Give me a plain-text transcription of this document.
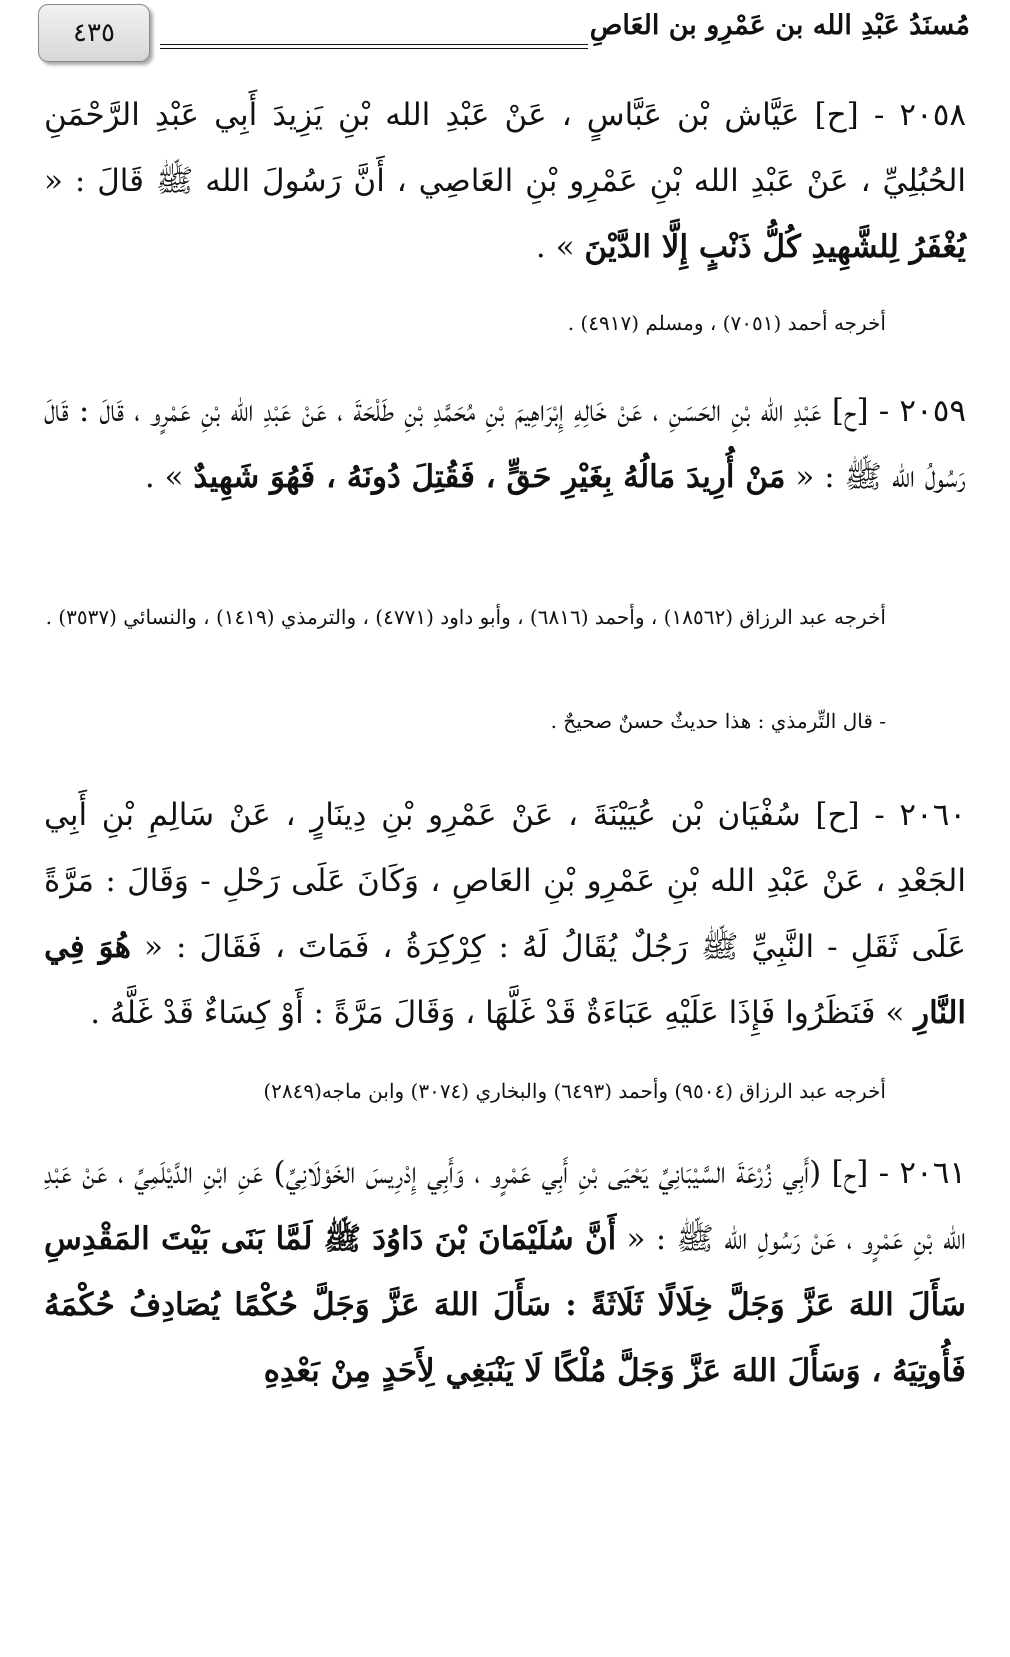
٤٣٥	مُسنَدُ عَبْدِ الله بن عَمْرِو بن العَاصِ
٢٠٥٨ - [ح] عَيَّاش بْن عَبَّاسٍ ، عَنْ عَبْدِ الله بْنِ يَزِيدَ أَبِي عَبْدِ الرَّحْمَنِ الحُبُلِيِّ ، عَنْ عَبْدِ الله بْنِ عَمْرِو بْنِ العَاصِي ، أَنَّ رَسُولَ الله ﷺ قَالَ : « يُغْفَرُ لِلشَّهِيدِ كُلُّ ذَنْبٍ إِلَّا الدَّيْنَ » .
أخرجه أحمد (٧٠٥١) ، ومسلم (٤٩١٧) .
٢٠٥٩ - [ح] عَبْدِ الله بْنِ الحَسَنِ ، عَنْ خَالِهِ إِبْرَاهِيمَ بْنِ مُحَمَّدِ بْنِ طَلْحَةَ ، عَنْ عَبْدِ الله بْنِ عَمْرٍو ، قَالَ : قَالَ رَسُولُ الله ﷺ : « مَنْ أُرِيدَ مَالُهُ بِغَيْرِ حَقٍّ ، فَقُتِلَ دُونَهُ ، فَهُوَ شَهِيدٌ » .
أخرجه عبد الرزاق (١٨٥٦٢) ، وأحمد (٦٨١٦) ، وأبو داود (٤٧٧١) ، والترمذي (١٤١٩) ، والنسائي (٣٥٣٧) .
- قال التِّرمذي : هذا حديثٌ حسنٌ صحيحٌ .
٢٠٦٠ - [ح] سُفْيَان بْن عُيَيْنَةَ ، عَنْ عَمْرِو بْنِ دِينَارٍ ، عَنْ سَالِمِ بْنِ أَبِي الجَعْدِ ، عَنْ عَبْدِ الله بْنِ عَمْرِو بْنِ العَاصِ ، وَكَانَ عَلَى رَحْلِ - وَقَالَ : مَرَّةً عَلَى ثَقَلِ - النَّبِيِّ ﷺ رَجُلٌ يُقَالُ لَهُ : كِرْكِرَةُ ، فَمَاتَ ، فَقَالَ : « هُوَ فِي النَّارِ » فَنَظَرُوا فَإِذَا عَلَيْهِ عَبَاءَةٌ قَدْ غَلَّهَا ، وَقَالَ مَرَّةً : أَوْ كِسَاءٌ قَدْ غَلَّهُ .
أخرجه عبد الرزاق (٩٥٠٤) وأحمد (٦٤٩٣) والبخاري (٣٠٧٤) وابن ماجه(٢٨٤٩)
٢٠٦١ - [ح] (أَبِي زُرْعَةَ السَّيْبَانِيِّ يَحْيَى بْنِ أَبِي عَمْرٍو ، وَأَبِي إِدْرِيسَ الخَوْلَانِيِّ) عَنِ ابْنِ الدَّيْلَمِيِّ ، عَنْ عَبْدِ الله بْنِ عَمْرٍو ، عَنْ رَسُولِ الله ﷺ : « أَنَّ سُلَيْمَانَ بْنَ دَاوُدَ ﷺ لَمَّا بَنَى بَيْتَ المَقْدِسِ سَأَلَ اللهَ عَزَّ وَجَلَّ خِلَالًا ثَلَاثَةً : سَأَلَ اللهَ عَزَّ وَجَلَّ حُكْمًا يُصَادِفُ حُكْمَهُ فَأُوتِيَهُ ، وَسَأَلَ اللهَ عَزَّ وَجَلَّ مُلْكًا لَا يَنْبَغِي لِأَحَدٍ مِنْ بَعْدِهِ
